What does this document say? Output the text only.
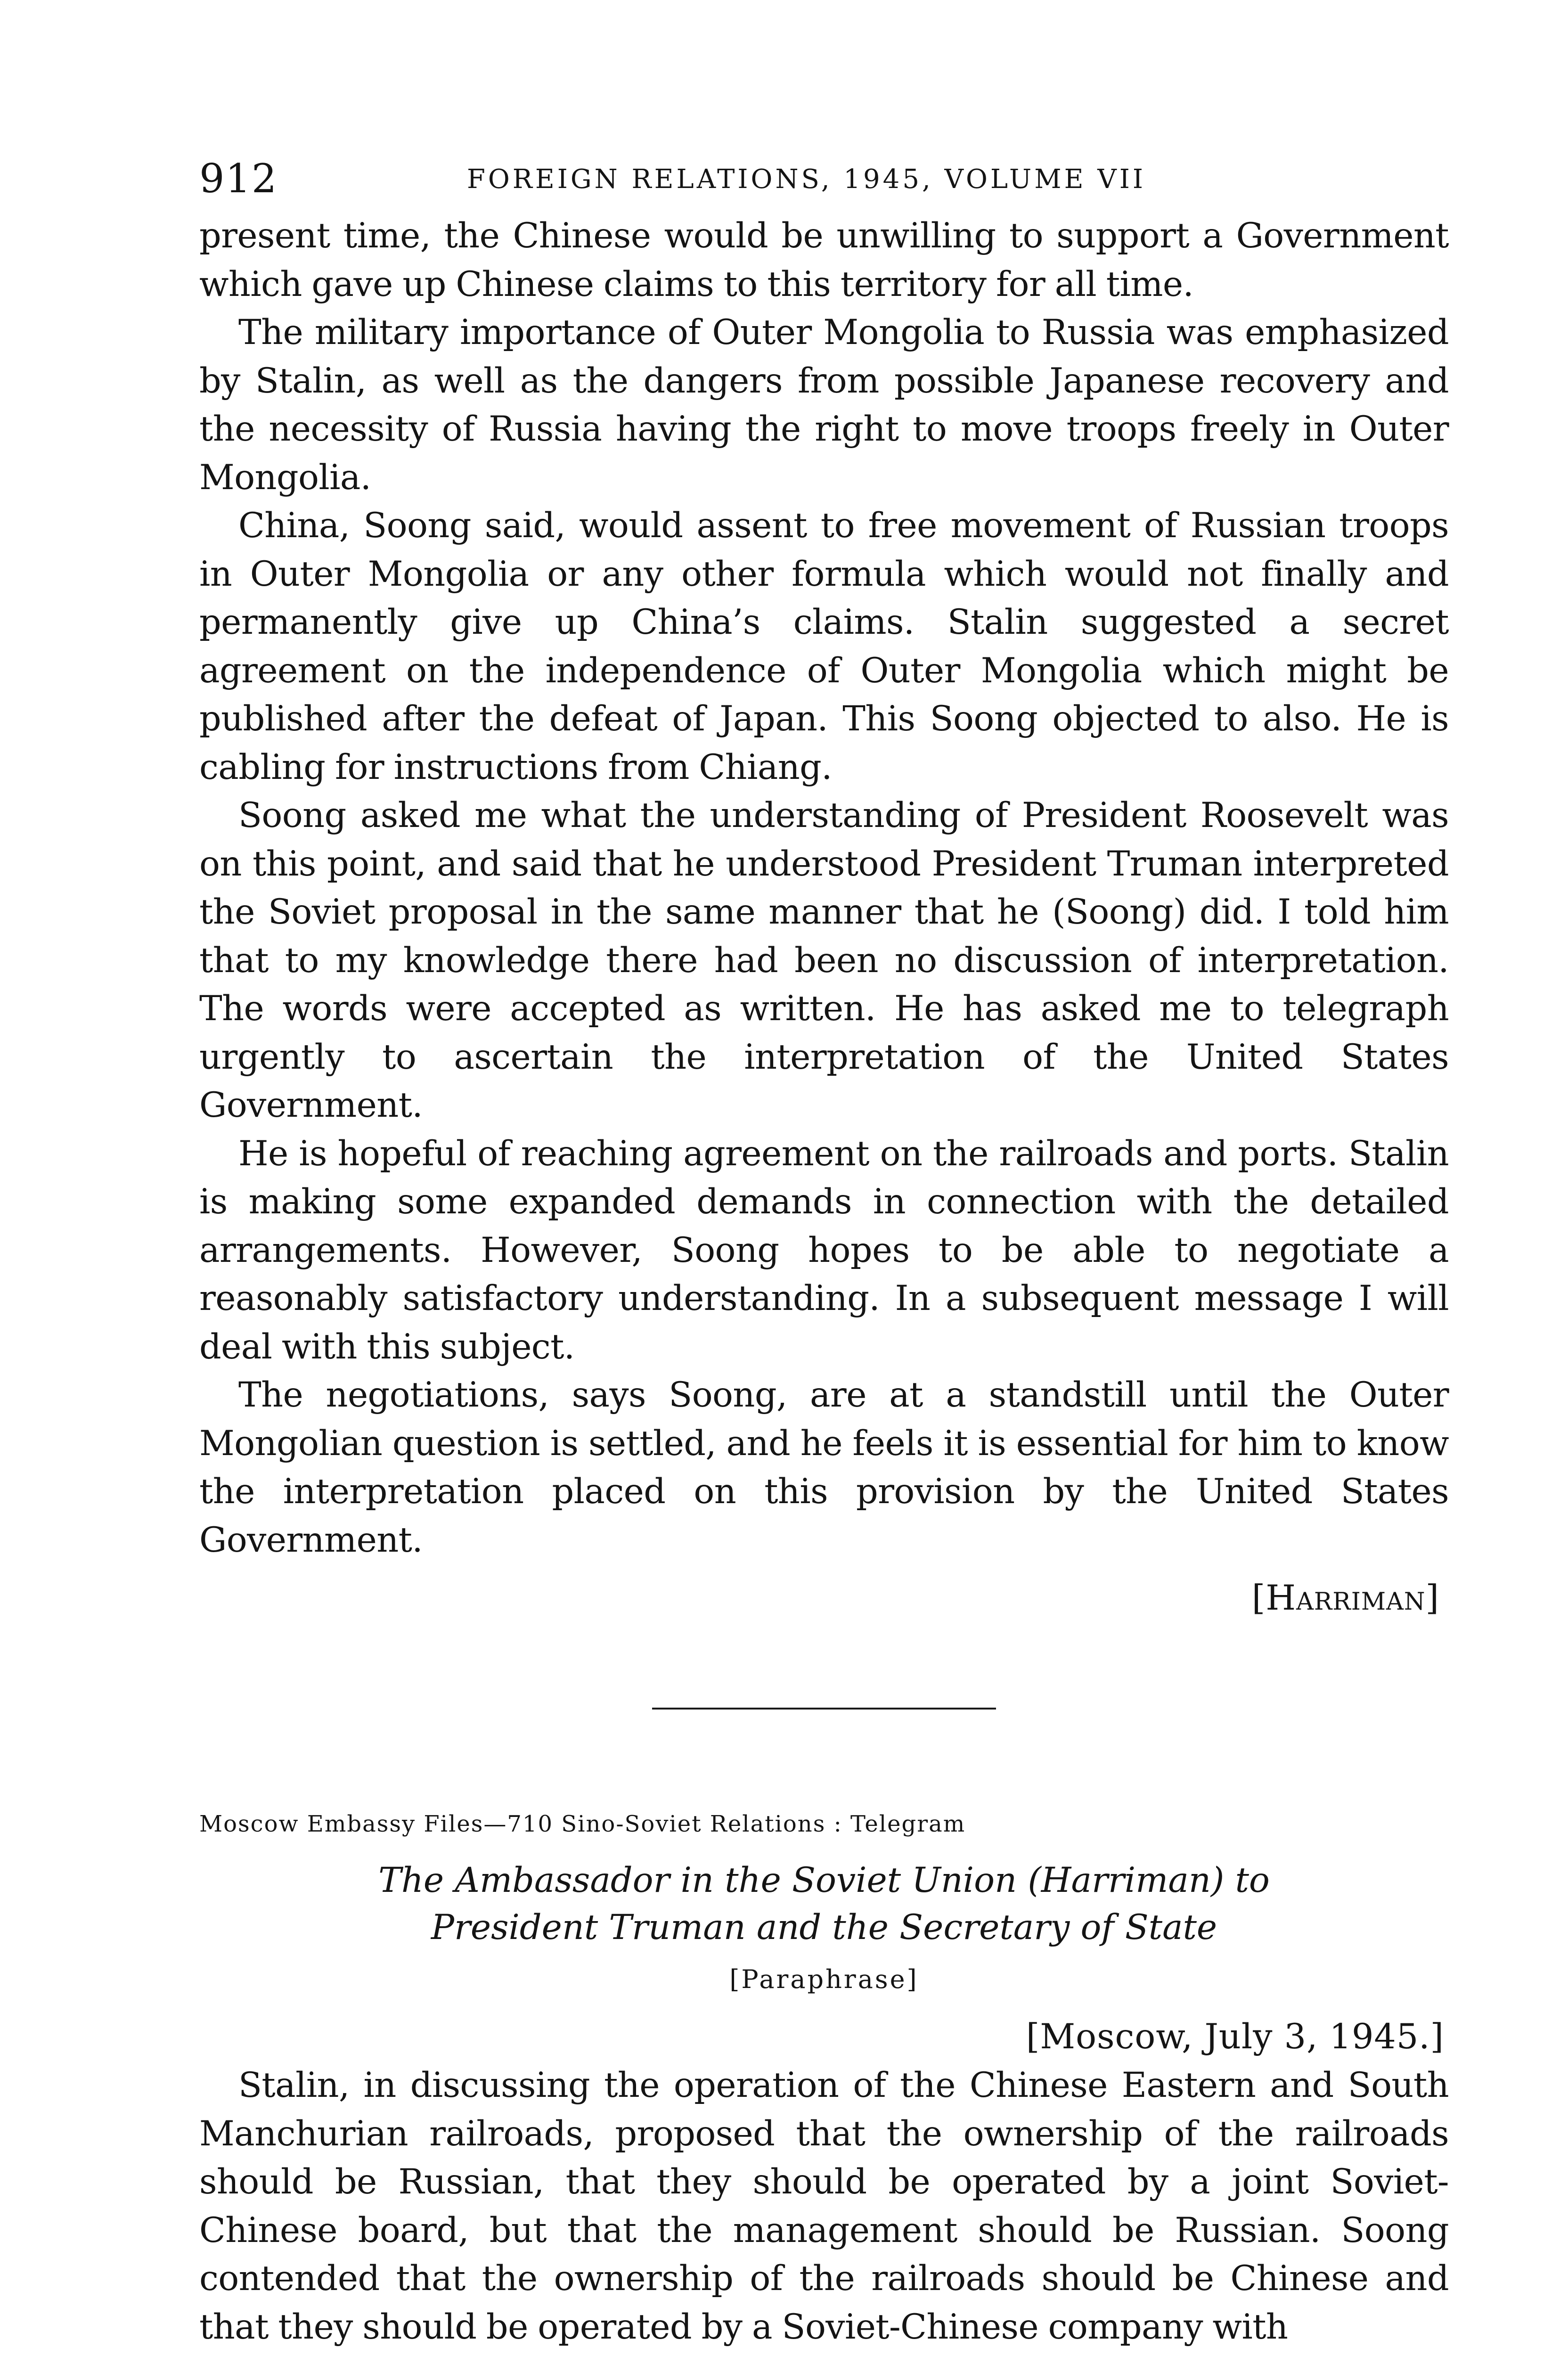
912	FOREIGN RELATIONS, 1945, VOLUME VII

present time, the Chinese would be unwilling to support a Government which gave up Chinese claims to this territory for all time.

The military importance of Outer Mongolia to Russia was emphasized by Stalin, as well as the dangers from possible Japanese recovery and the necessity of Russia having the right to move troops freely in Outer Mongolia.

China, Soong said, would assent to free movement of Russian troops in Outer Mongolia or any other formula which would not finally and permanently give up China’s claims. Stalin suggested a secret agreement on the independence of Outer Mongolia which might be published after the defeat of Japan. This Soong objected to also. He is cabling for instructions from Chiang.

Soong asked me what the understanding of President Roosevelt was on this point, and said that he understood President Truman interpreted the Soviet proposal in the same manner that he (Soong) did. I told him that to my knowledge there had been no discussion of interpretation. The words were accepted as written. He has asked me to telegraph urgently to ascertain the interpretation of the United States Government.

He is hopeful of reaching agreement on the railroads and ports. Stalin is making some expanded demands in connection with the detailed arrangements. However, Soong hopes to be able to negotiate a reasonably satisfactory understanding. In a subsequent message I will deal with this subject.

The negotiations, says Soong, are at a standstill until the Outer Mongolian question is settled, and he feels it is essential for him to know the interpretation placed on this provision by the United States Government.

[Harriman]
Moscow Embassy Files—710 Sino-Soviet Relations : Telegram
The Ambassador in the Soviet Union (Harriman) to
President Truman and the Secretary of State
[Paraphrase]
[Moscow, July 3, 1945.]

Stalin, in discussing the operation of the Chinese Eastern and South Manchurian railroads, proposed that the ownership of the railroads should be Russian, that they should be operated by a joint Soviet-Chinese board, but that the management should be Russian. Soong contended that the ownership of the railroads should be Chinese and that they should be operated by a Soviet-Chinese company with
